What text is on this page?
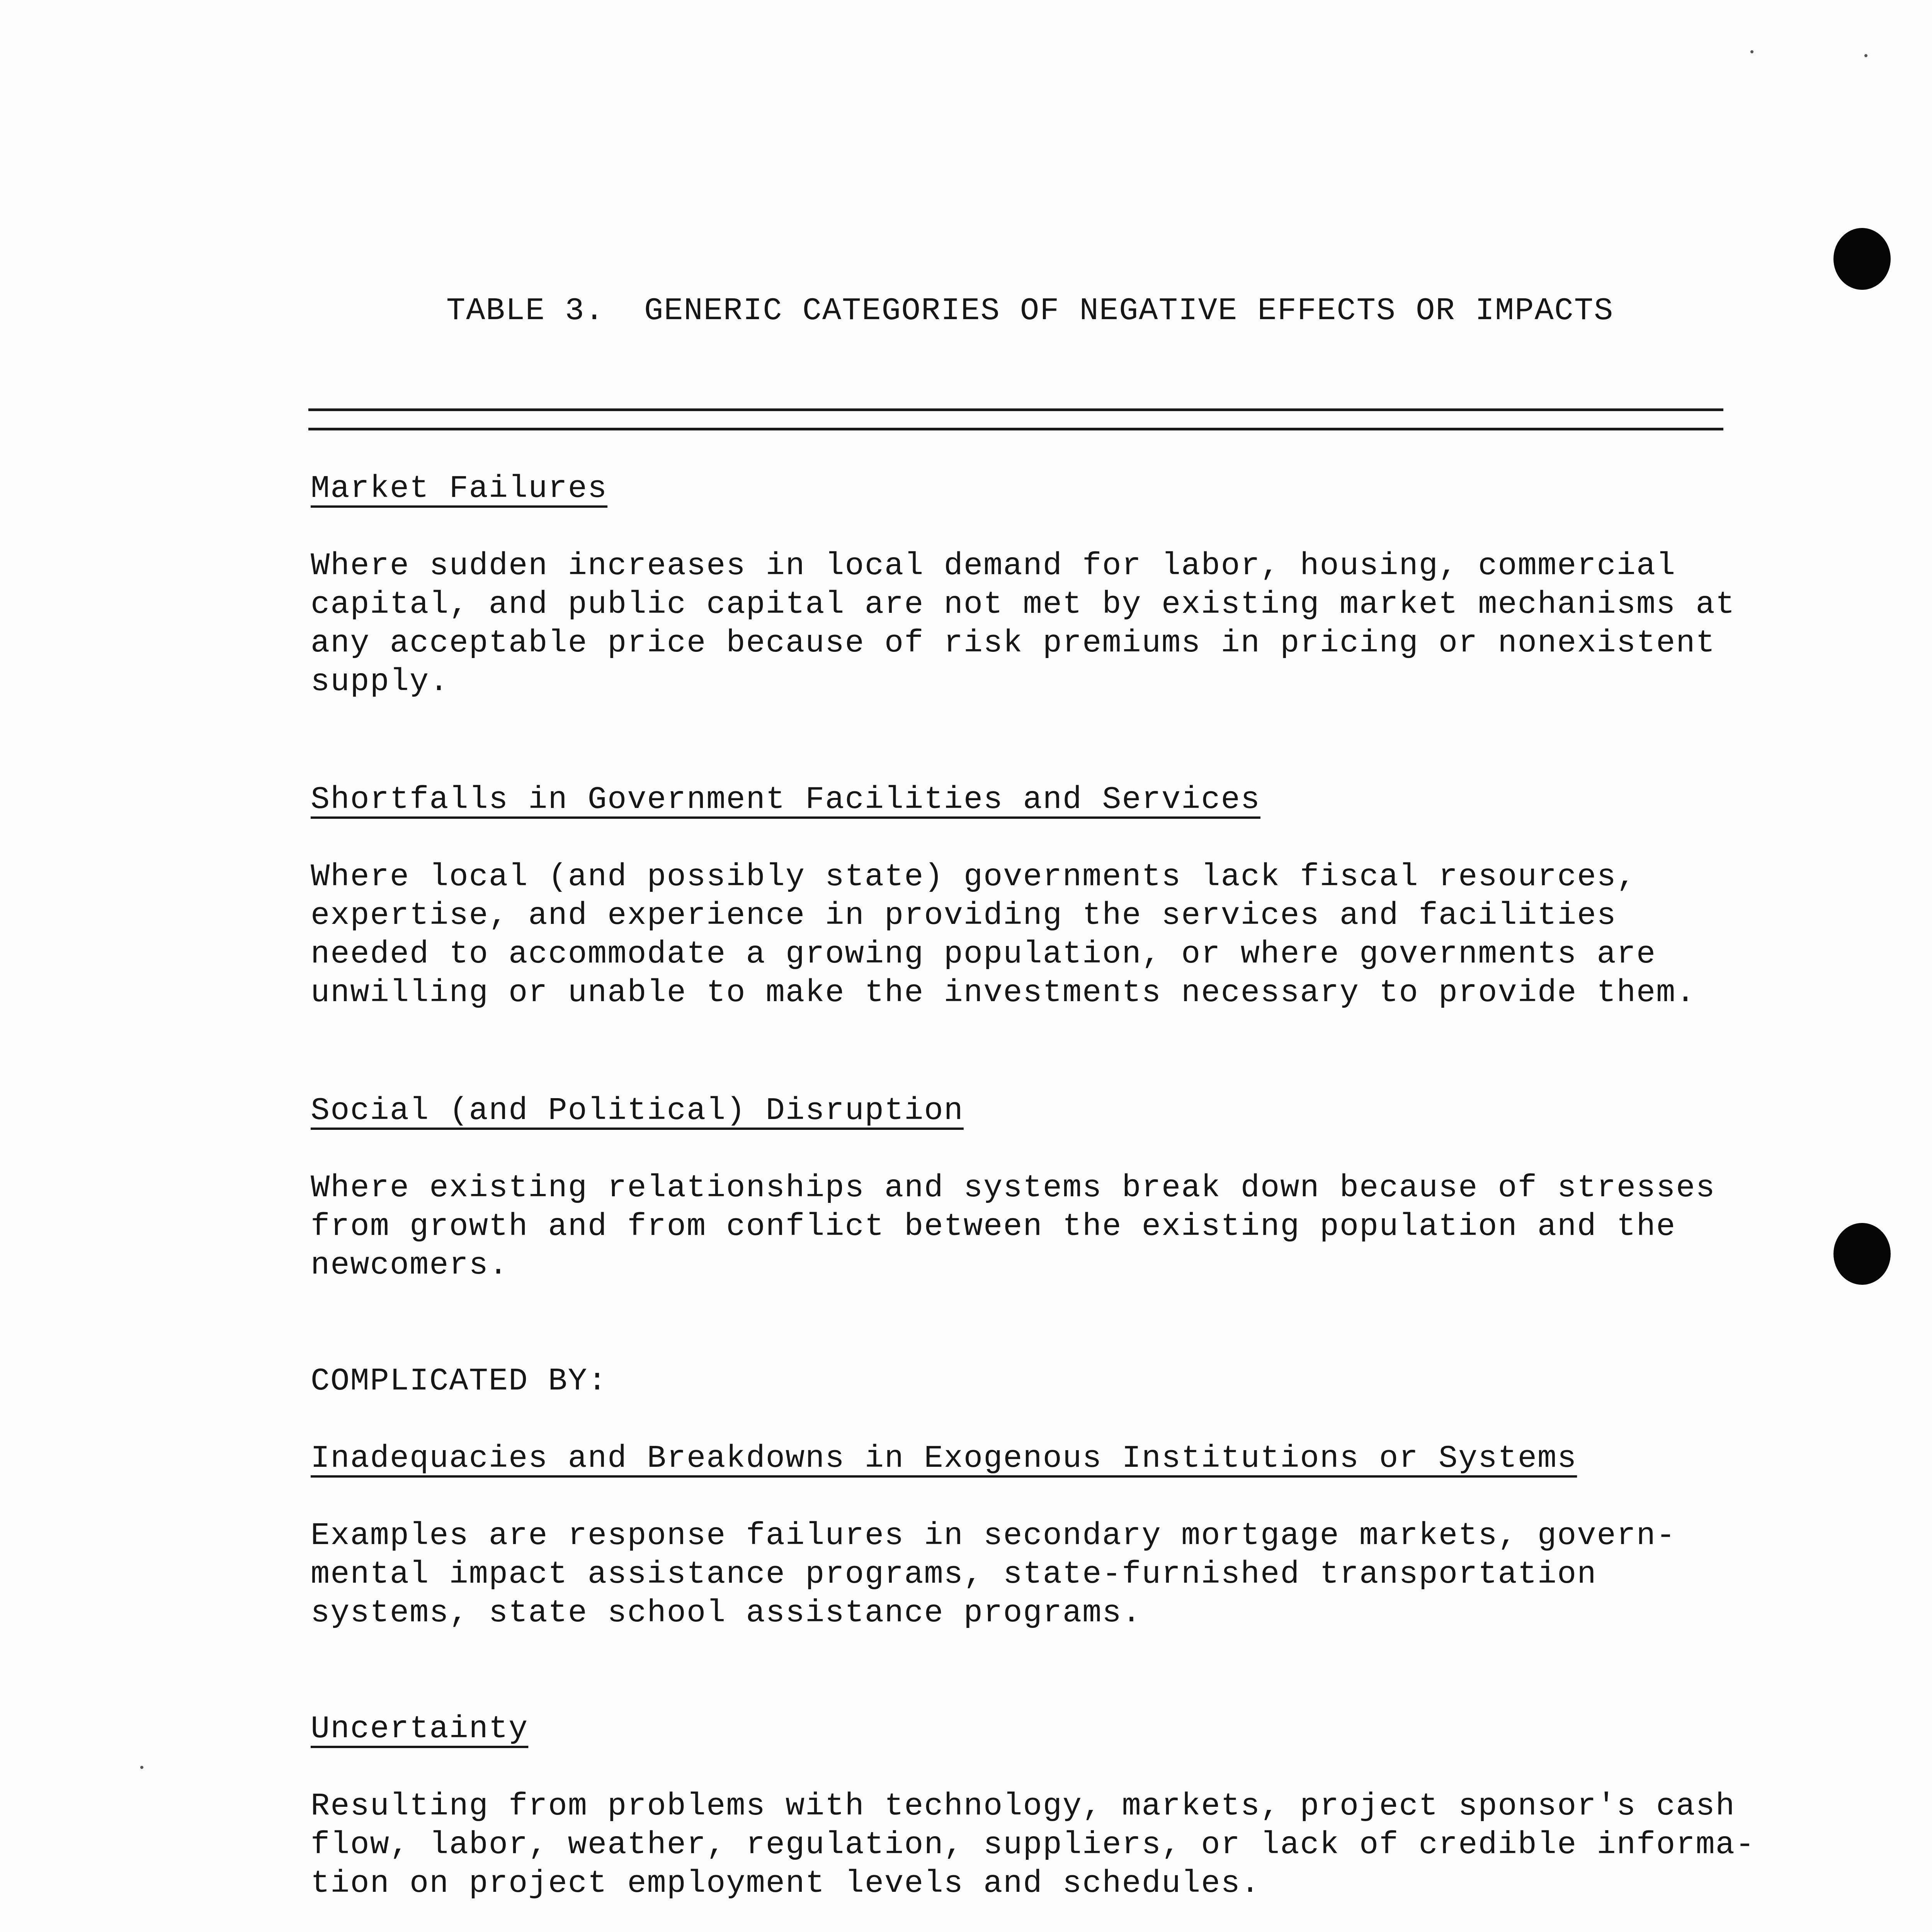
TABLE 3.  GENERIC CATEGORIES OF NEGATIVE EFFECTS OR IMPACTS
Market Failures
Where sudden increases in local demand for labor, housing, commercial
capital, and public capital are not met by existing market mechanisms at
any acceptable price because of risk premiums in pricing or nonexistent
supply.
Shortfalls in Government Facilities and Services
Where local (and possibly state) governments lack fiscal resources,
expertise, and experience in providing the services and facilities
needed to accommodate a growing population, or where governments are
unwilling or unable to make the investments necessary to provide them.
Social (and Political) Disruption
Where existing relationships and systems break down because of stresses
from growth and from conflict between the existing population and the
newcomers.
COMPLICATED BY:
Inadequacies and Breakdowns in Exogenous Institutions or Systems
Examples are response failures in secondary mortgage markets, govern-
mental impact assistance programs, state-furnished transportation
systems, state school assistance programs.
Uncertainty
Resulting from problems with technology, markets, project sponsor's cash
flow, labor, weather, regulation, suppliers, or lack of credible informa-
tion on project employment levels and schedules.
